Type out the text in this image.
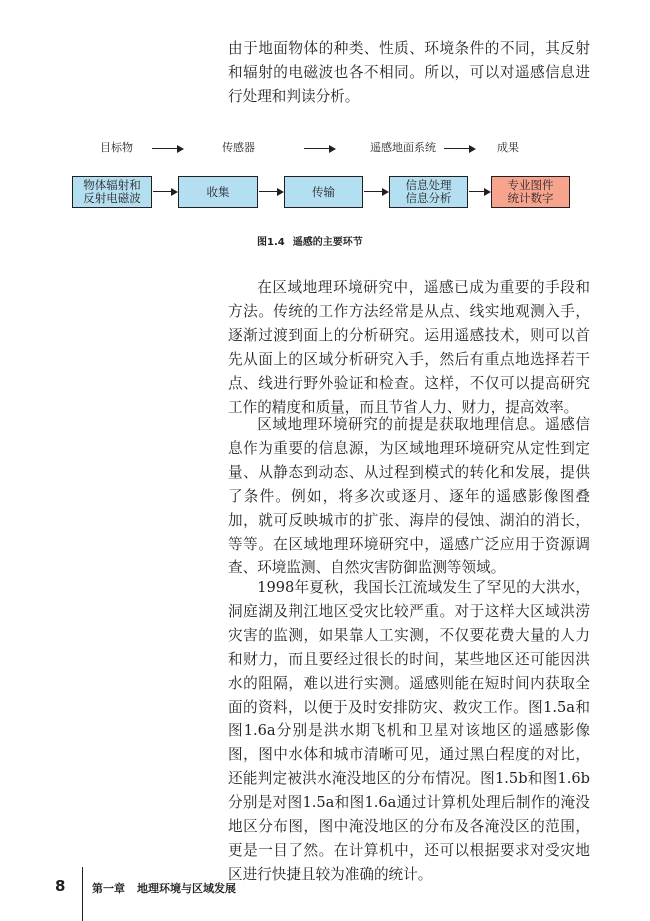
由于地面物体的种类、性质、环境条件的不同，其反射和辐射的电磁波也各不相同。所以，可以对遥感信息进行处理和判读分析。

目标物	传感器	遥感地面系统	成果
物体辐射和
反射电磁波	收集	传输	信息处理
信息分析
专业图件
统计数字
图1.4 遥感的主要环节

在区域地理环境研究中，遥感已成为重要的手段和方法。传统的工作方法经常是从点、线实地观测入手，逐渐过渡到面上的分析研究。运用遥感技术，则可以首先从面上的区域分析研究入手，然后有重点地选择若干点、线进行野外验证和检查。这样，不仅可以提高研究工作的精度和质量，而且节省人力、财力，提高效率。

区域地理环境研究的前提是获取地理信息。遥感信息作为重要的信息源，为区域地理环境研究从定性到定量、从静态到动态、从过程到模式的转化和发展，提供了条件。例如，将多次或逐月、逐年的遥感影像图叠加，就可反映城市的扩张、海岸的侵蚀、湖泊的消长，等等。在区域地理环境研究中，遥感广泛应用于资源调查、环境监测、自然灾害防御监测等领域。

1998年夏秋，我国长江流域发生了罕见的大洪水，洞庭湖及荆江地区受灾比较严重。对于这样大区域洪涝灾害的监测，如果靠人工实测，不仅要花费大量的人力和财力，而且要经过很长的时间，某些地区还可能因洪水的阻隔，难以进行实测。遥感则能在短时间内获取全面的资料，以便于及时安排防灾、救灾工作。图1.5a和图1.6a分别是洪水期飞机和卫星对该地区的遥感影像图，图中水体和城市清晰可见，通过黑白程度的对比，还能判定被洪水淹没地区的分布情况。图1.5b和图1.6b分别是对图1.5a和图1.6a通过计算机处理后制作的淹没地区分布图，图中淹没地区的分布及各淹没区的范围，更是一目了然。在计算机中，还可以根据要求对受灾地区进行快捷且较为准确的统计。

8 第一章 地理环境与区域发展
